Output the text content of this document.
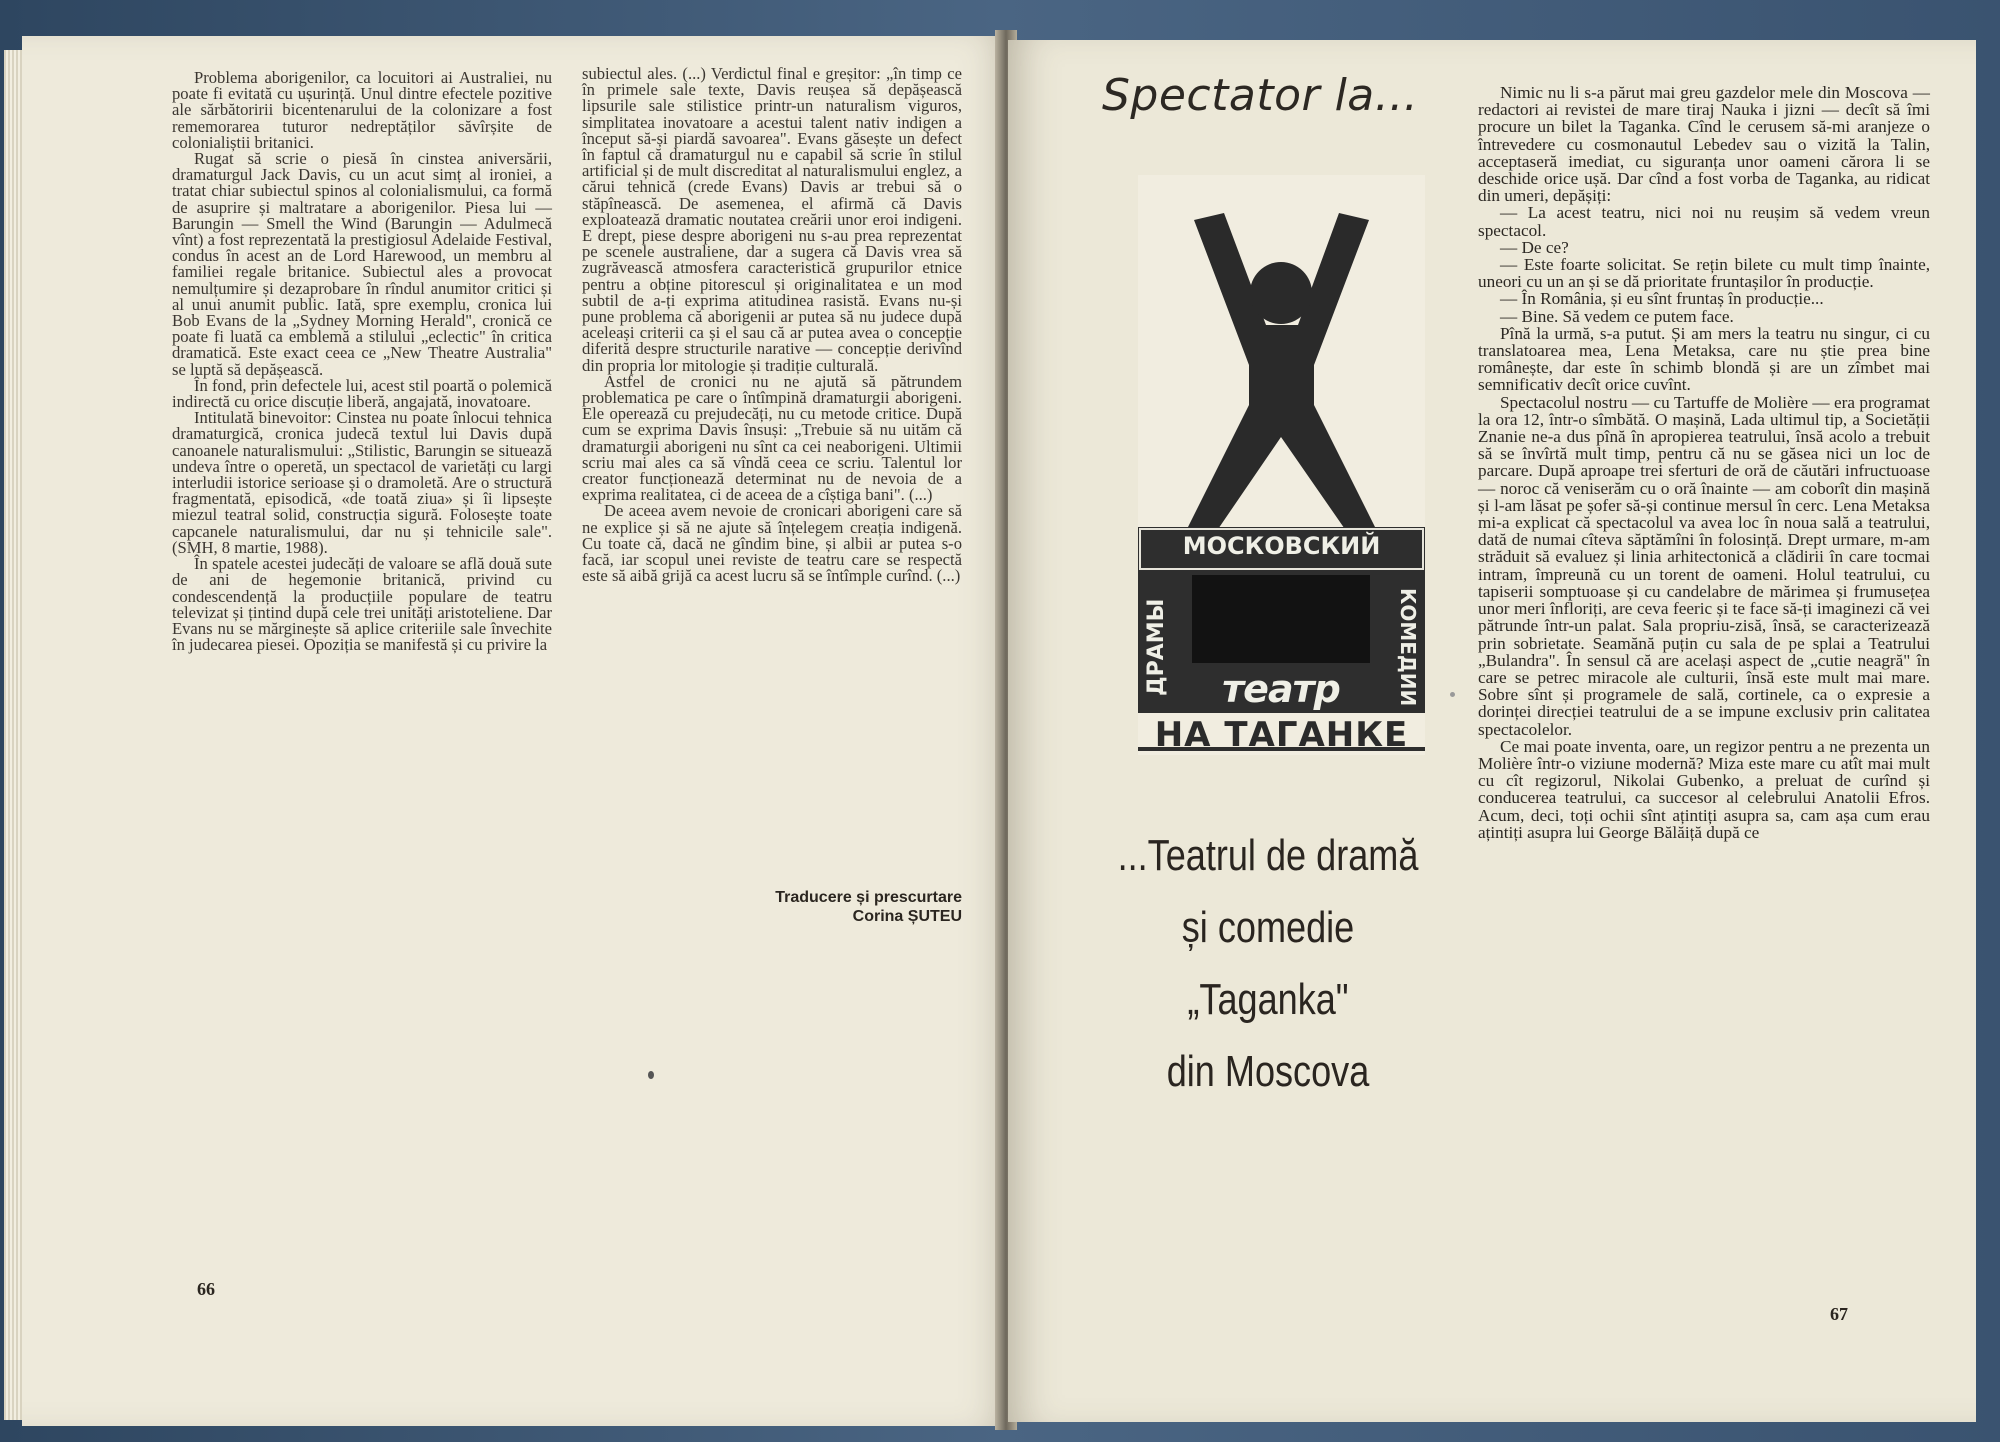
Problema aborigenilor, ca locuitori ai Australiei, nu poate fi evitată cu ușurință. Unul dintre efectele pozitive ale sărbătoririi bicentenarului de la colonizare a fost rememorarea tuturor nedreptăților săvîrșite de colonialiștii britanici.

Rugat să scrie o piesă în cinstea aniversării, dramaturgul Jack Davis, cu un acut simț al ironiei, a tratat chiar subiectul spinos al colonialismului, ca formă de asuprire și maltratare a aborigenilor. Piesa lui — Barungin — Smell the Wind (Barungin — Adulmecă vînt) a fost reprezentată la prestigiosul Adelaide Festival, condus în acest an de Lord Harewood, un membru al familiei regale britanice. Subiectul ales a provocat nemulțumire și dezaprobare în rîndul anumitor critici și al unui anumit public. Iată, spre exemplu, cronica lui Bob Evans de la „Sydney Morning Herald", cronică ce poate fi luată ca emblemă a stilului „eclectic" în critica dramatică. Este exact ceea ce „New Theatre Australia" se luptă să depășească.

În fond, prin defectele lui, acest stil poartă o polemică indirectă cu orice discuție liberă, angajată, inovatoare.

Intitulată binevoitor: Cinstea nu poate înlocui tehnica dramaturgică, cronica judecă textul lui Davis după canoanele naturalismului: „Stilistic, Barungin se situează undeva între o operetă, un spectacol de varietăți cu largi interludii istorice serioase și o dramoletă. Are o structură fragmentată, episodică, «de toată ziua» și îi lipsește miezul teatral solid, construcția sigură. Folosește toate capcanele naturalismului, dar nu și tehnicile sale". (SMH, 8 martie, 1988).

În spatele acestei judecăți de valoare se află două sute de ani de hegemonie britanică, privind cu condescendență la producțiile populare de teatru televizat și țintind după cele trei unități aristoteliene. Dar Evans nu se mărginește să aplice criteriile sale învechite în judecarea piesei. Opoziția se manifestă și cu privire la

subiectul ales. (...) Verdictul final e greșitor: „în timp ce în primele sale texte, Davis reușea să depășească lipsurile sale stilistice printr-un naturalism viguros, simplitatea inovatoare a acestui talent nativ indigen a început să-și piardă savoarea". Evans găsește un defect în faptul că dramaturgul nu e capabil să scrie în stilul artificial și de mult discreditat al naturalismului englez, a cărui tehnică (crede Evans) Davis ar trebui să o stăpînească. De asemenea, el afirmă că Davis exploatează dramatic noutatea creării unor eroi indigeni. E drept, piese despre aborigeni nu s-au prea reprezentat pe scenele australiene, dar a sugera că Davis vrea să zugrăvească atmosfera caracteristică grupurilor etnice pentru a obține pitorescul și originalitatea e un mod subtil de a-ți exprima atitudinea rasistă. Evans nu-și pune problema că aborigenii ar putea să nu judece după aceleași criterii ca și el sau că ar putea avea o concepție diferită despre structurile narative — concepție derivînd din propria lor mitologie și tradiție culturală.

Astfel de cronici nu ne ajută să pătrundem problematica pe care o întîmpină dramaturgii aborigeni. Ele operează cu prejudecăți, nu cu metode critice. După cum se exprima Davis însuși: „Trebuie să nu uităm că dramaturgii aborigeni nu sînt ca cei neaborigeni. Ultimii scriu mai ales ca să vîndă ceea ce scriu. Talentul lor creator funcționează determinat nu de nevoia de a exprima realitatea, ci de aceea de a cîștiga bani". (...)

De aceea avem nevoie de cronicari aborigeni care să ne explice și să ne ajute să înțelegem creația indigenă. Cu toate că, dacă ne gîndim bine, și albii ar putea s-o facă, iar scopul unei reviste de teatru care se respectă este să aibă grijă ca acest lucru să se întîmple curînd. (...)

Traducere și prescurtare
Corina ȘUTEU
66
Spectator la...
МОСКОВСКИЙ
ДРАМЫ	КОМЕДИИ
театр
НА ТАГАНКЕ
...Teatrul de dramă
și comedie
„Taganka"
din Moscova

Nimic nu li s-a părut mai greu gazdelor mele din Moscova — redactori ai revistei de mare tiraj Nauka i jizni — decît să îmi procure un bilet la Taganka. Cînd le cerusem să-mi aranjeze o întrevedere cu cosmonautul Lebedev sau o vizită la Talin, acceptaseră imediat, cu siguranța unor oameni cărora li se deschide orice ușă. Dar cînd a fost vorba de Taganka, au ridicat din umeri, depășiți:

— La acest teatru, nici noi nu reușim să vedem vreun spectacol.

— De ce?

— Este foarte solicitat. Se rețin bilete cu mult timp înainte, uneori cu un an și se dă prioritate fruntașilor în producție.

— În România, și eu sînt fruntaș în producție...

— Bine. Să vedem ce putem face.

Pînă la urmă, s-a putut. Și am mers la teatru nu singur, ci cu translatoarea mea, Lena Metaksa, care nu știe prea bine românește, dar este în schimb blondă și are un zîmbet mai semnificativ decît orice cuvînt.

Spectacolul nostru — cu Tartuffe de Molière — era programat la ora 12, într-o sîmbătă. O mașină, Lada ultimul tip, a Societății Znanie ne-a dus pînă în apropierea teatrului, însă acolo a trebuit să se învîrtă mult timp, pentru că nu se găsea nici un loc de parcare. După aproape trei sferturi de oră de căutări infructuoase — noroc că veniserăm cu o oră înainte — am coborît din mașină și l-am lăsat pe șofer să-și continue mersul în cerc. Lena Metaksa mi-a explicat că spectacolul va avea loc în noua sală a teatrului, dată de numai cîteva săptămîni în folosință. Drept urmare, m-am străduit să evaluez și linia arhitectonică a clădirii în care tocmai intram, împreună cu un torent de oameni. Holul teatrului, cu tapiserii somptuoase și cu candelabre de mărimea și frumusețea unor meri înfloriți, are ceva feeric și te face să-ți imaginezi că vei pătrunde într-un palat. Sala propriu-zisă, însă, se caracterizează prin sobrietate. Seamănă puțin cu sala de pe splai a Teatrului „Bulandra". În sensul că are același aspect de „cutie neagră" în care se petrec miracole ale culturii, însă este mult mai mare. Sobre sînt și programele de sală, cortinele, ca o expresie a dorinței direcției teatrului de a se impune exclusiv prin calitatea spectacolelor.

Ce mai poate inventa, oare, un regizor pentru a ne prezenta un Molière într-o viziune modernă? Miza este mare cu atît mai mult cu cît regizorul, Nikolai Gubenko, a preluat de curînd și conducerea teatrului, ca succesor al celebrului Anatolii Efros. Acum, deci, toți ochii sînt ațintiți asupra sa, cam așa cum erau ațintiți asupra lui George Bălăiță după ce

67
